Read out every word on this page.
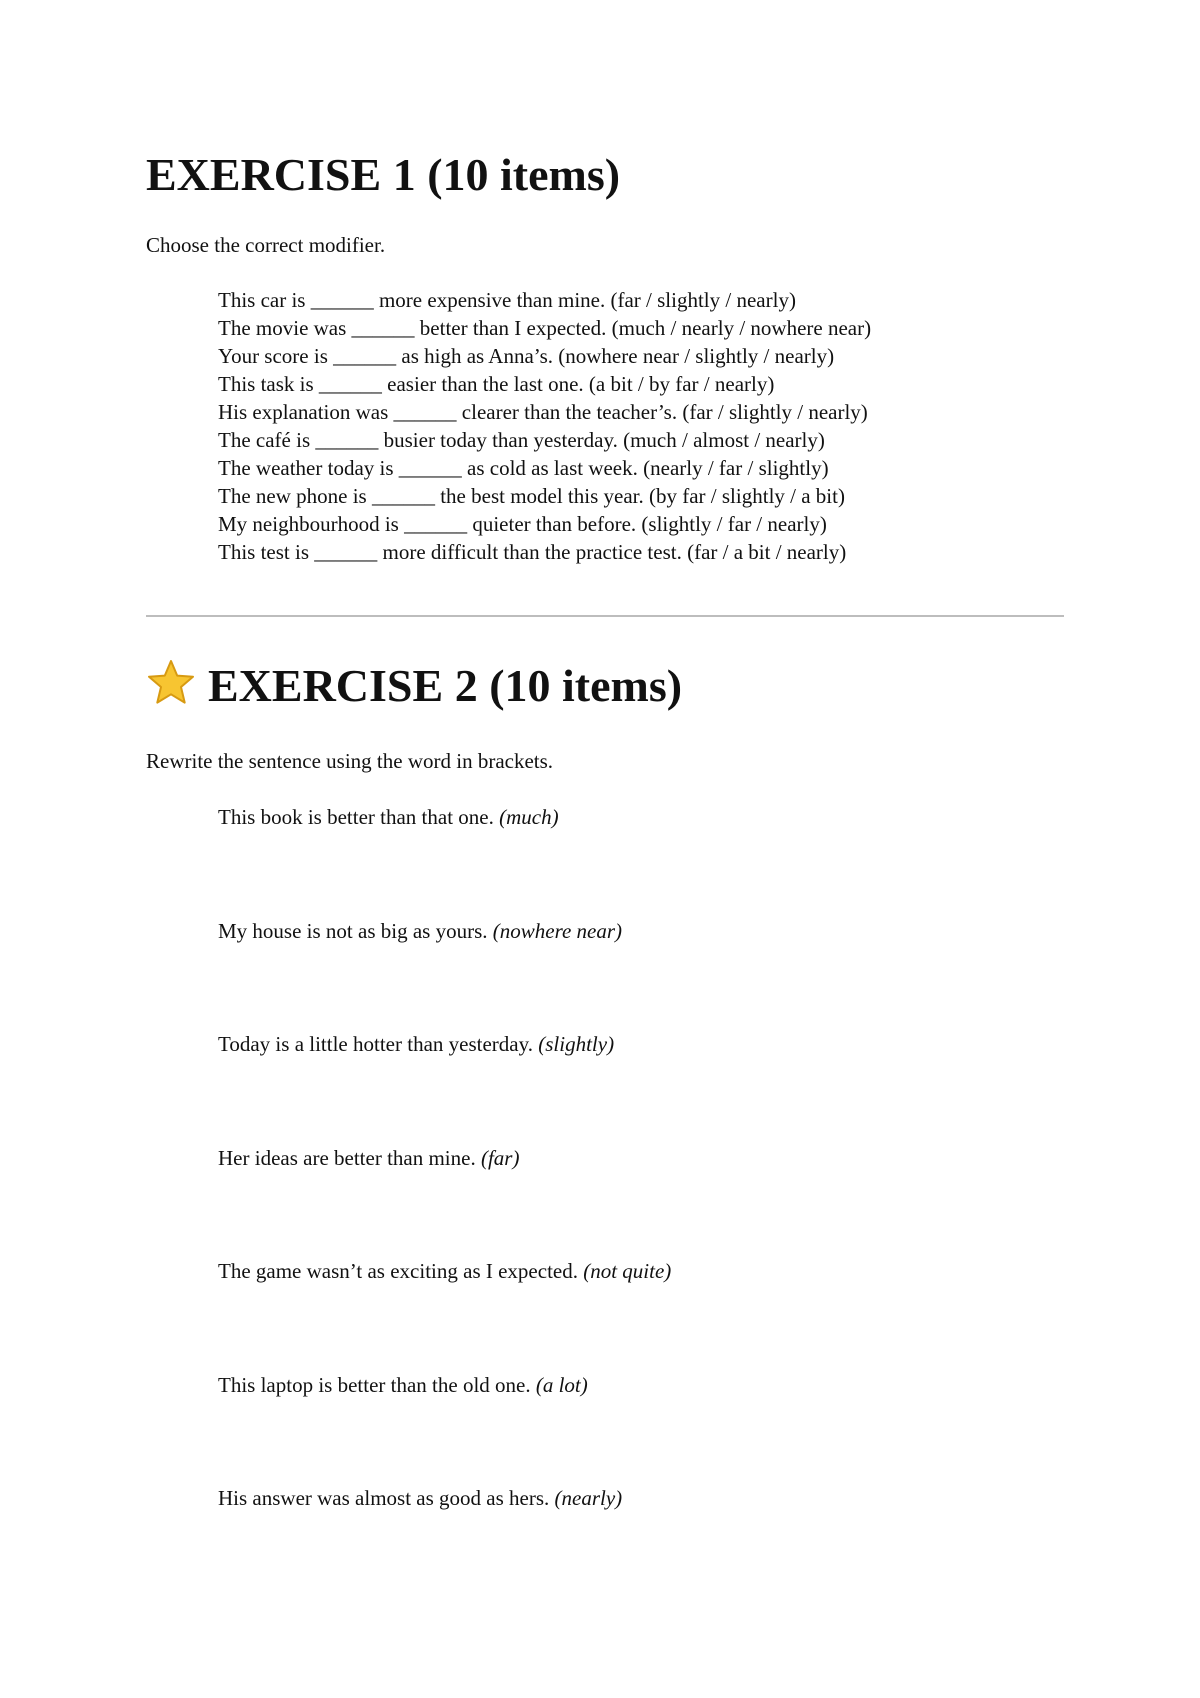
EXERCISE 1 (10 items)

Choose the correct modifier.

This car is ______ more expensive than mine. (far / slightly / nearly)
The movie was ______ better than I expected. (much / nearly / nowhere near)
Your score is ______ as high as Anna’s. (nowhere near / slightly / nearly)
This task is ______ easier than the last one. (a bit / by far / nearly)
His explanation was ______ clearer than the teacher’s. (far / slightly / nearly)
The café is ______ busier today than yesterday. (much / almost / nearly)
The weather today is ______ as cold as last week. (nearly / far / slightly)
The new phone is ______ the best model this year. (by far / slightly / a bit)
My neighbourhood is ______ quieter than before. (slightly / far / nearly)
This test is ______ more difficult than the practice test. (far / a bit / nearly)
EXERCISE 2 (10 items)

Rewrite the sentence using the word in brackets.

This book is better than that one. (much)
My house is not as big as yours. (nowhere near)
Today is a little hotter than yesterday. (slightly)
Her ideas are better than mine. (far)
The game wasn’t as exciting as I expected. (not quite)
This laptop is better than the old one. (a lot)
His answer was almost as good as hers. (nearly)
